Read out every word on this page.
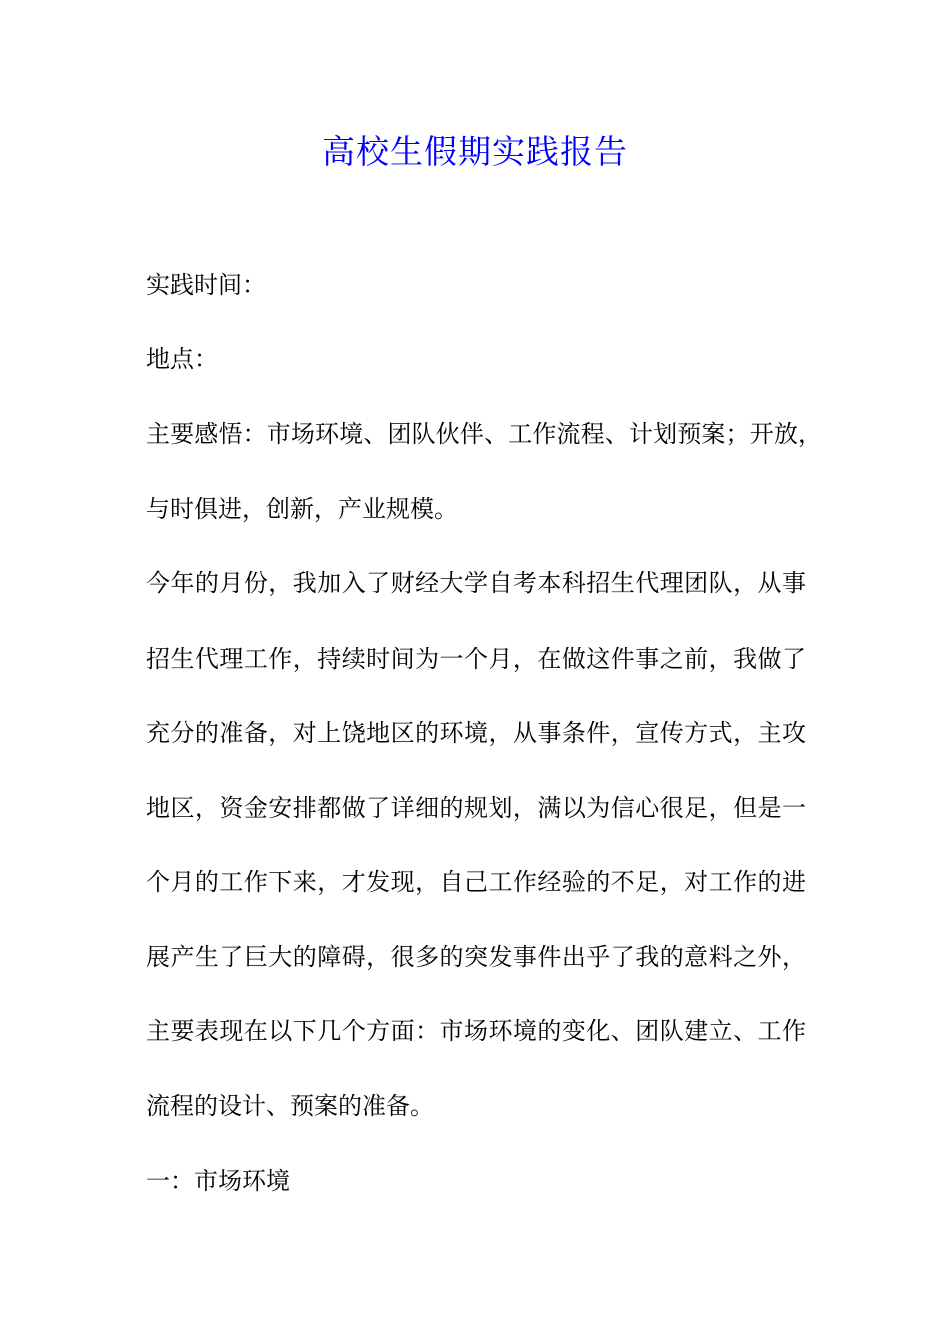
高校生假期实践报告
实践时间：
地点：
主要感悟：市场环境、团队伙伴、工作流程、计划预案；开放，
与时俱进，创新，产业规模。
今年的月份，我加入了财经大学自考本科招生代理团队，从事
招生代理工作，持续时间为一个月，在做这件事之前，我做了
充分的准备，对上饶地区的环境，从事条件，宣传方式，主攻
地区，资金安排都做了详细的规划，满以为信心很足，但是一
个月的工作下来，才发现，自己工作经验的不足，对工作的进
展产生了巨大的障碍，很多的突发事件出乎了我的意料之外，
主要表现在以下几个方面：市场环境的变化、团队建立、工作
流程的设计、预案的准备。
一：市场环境
